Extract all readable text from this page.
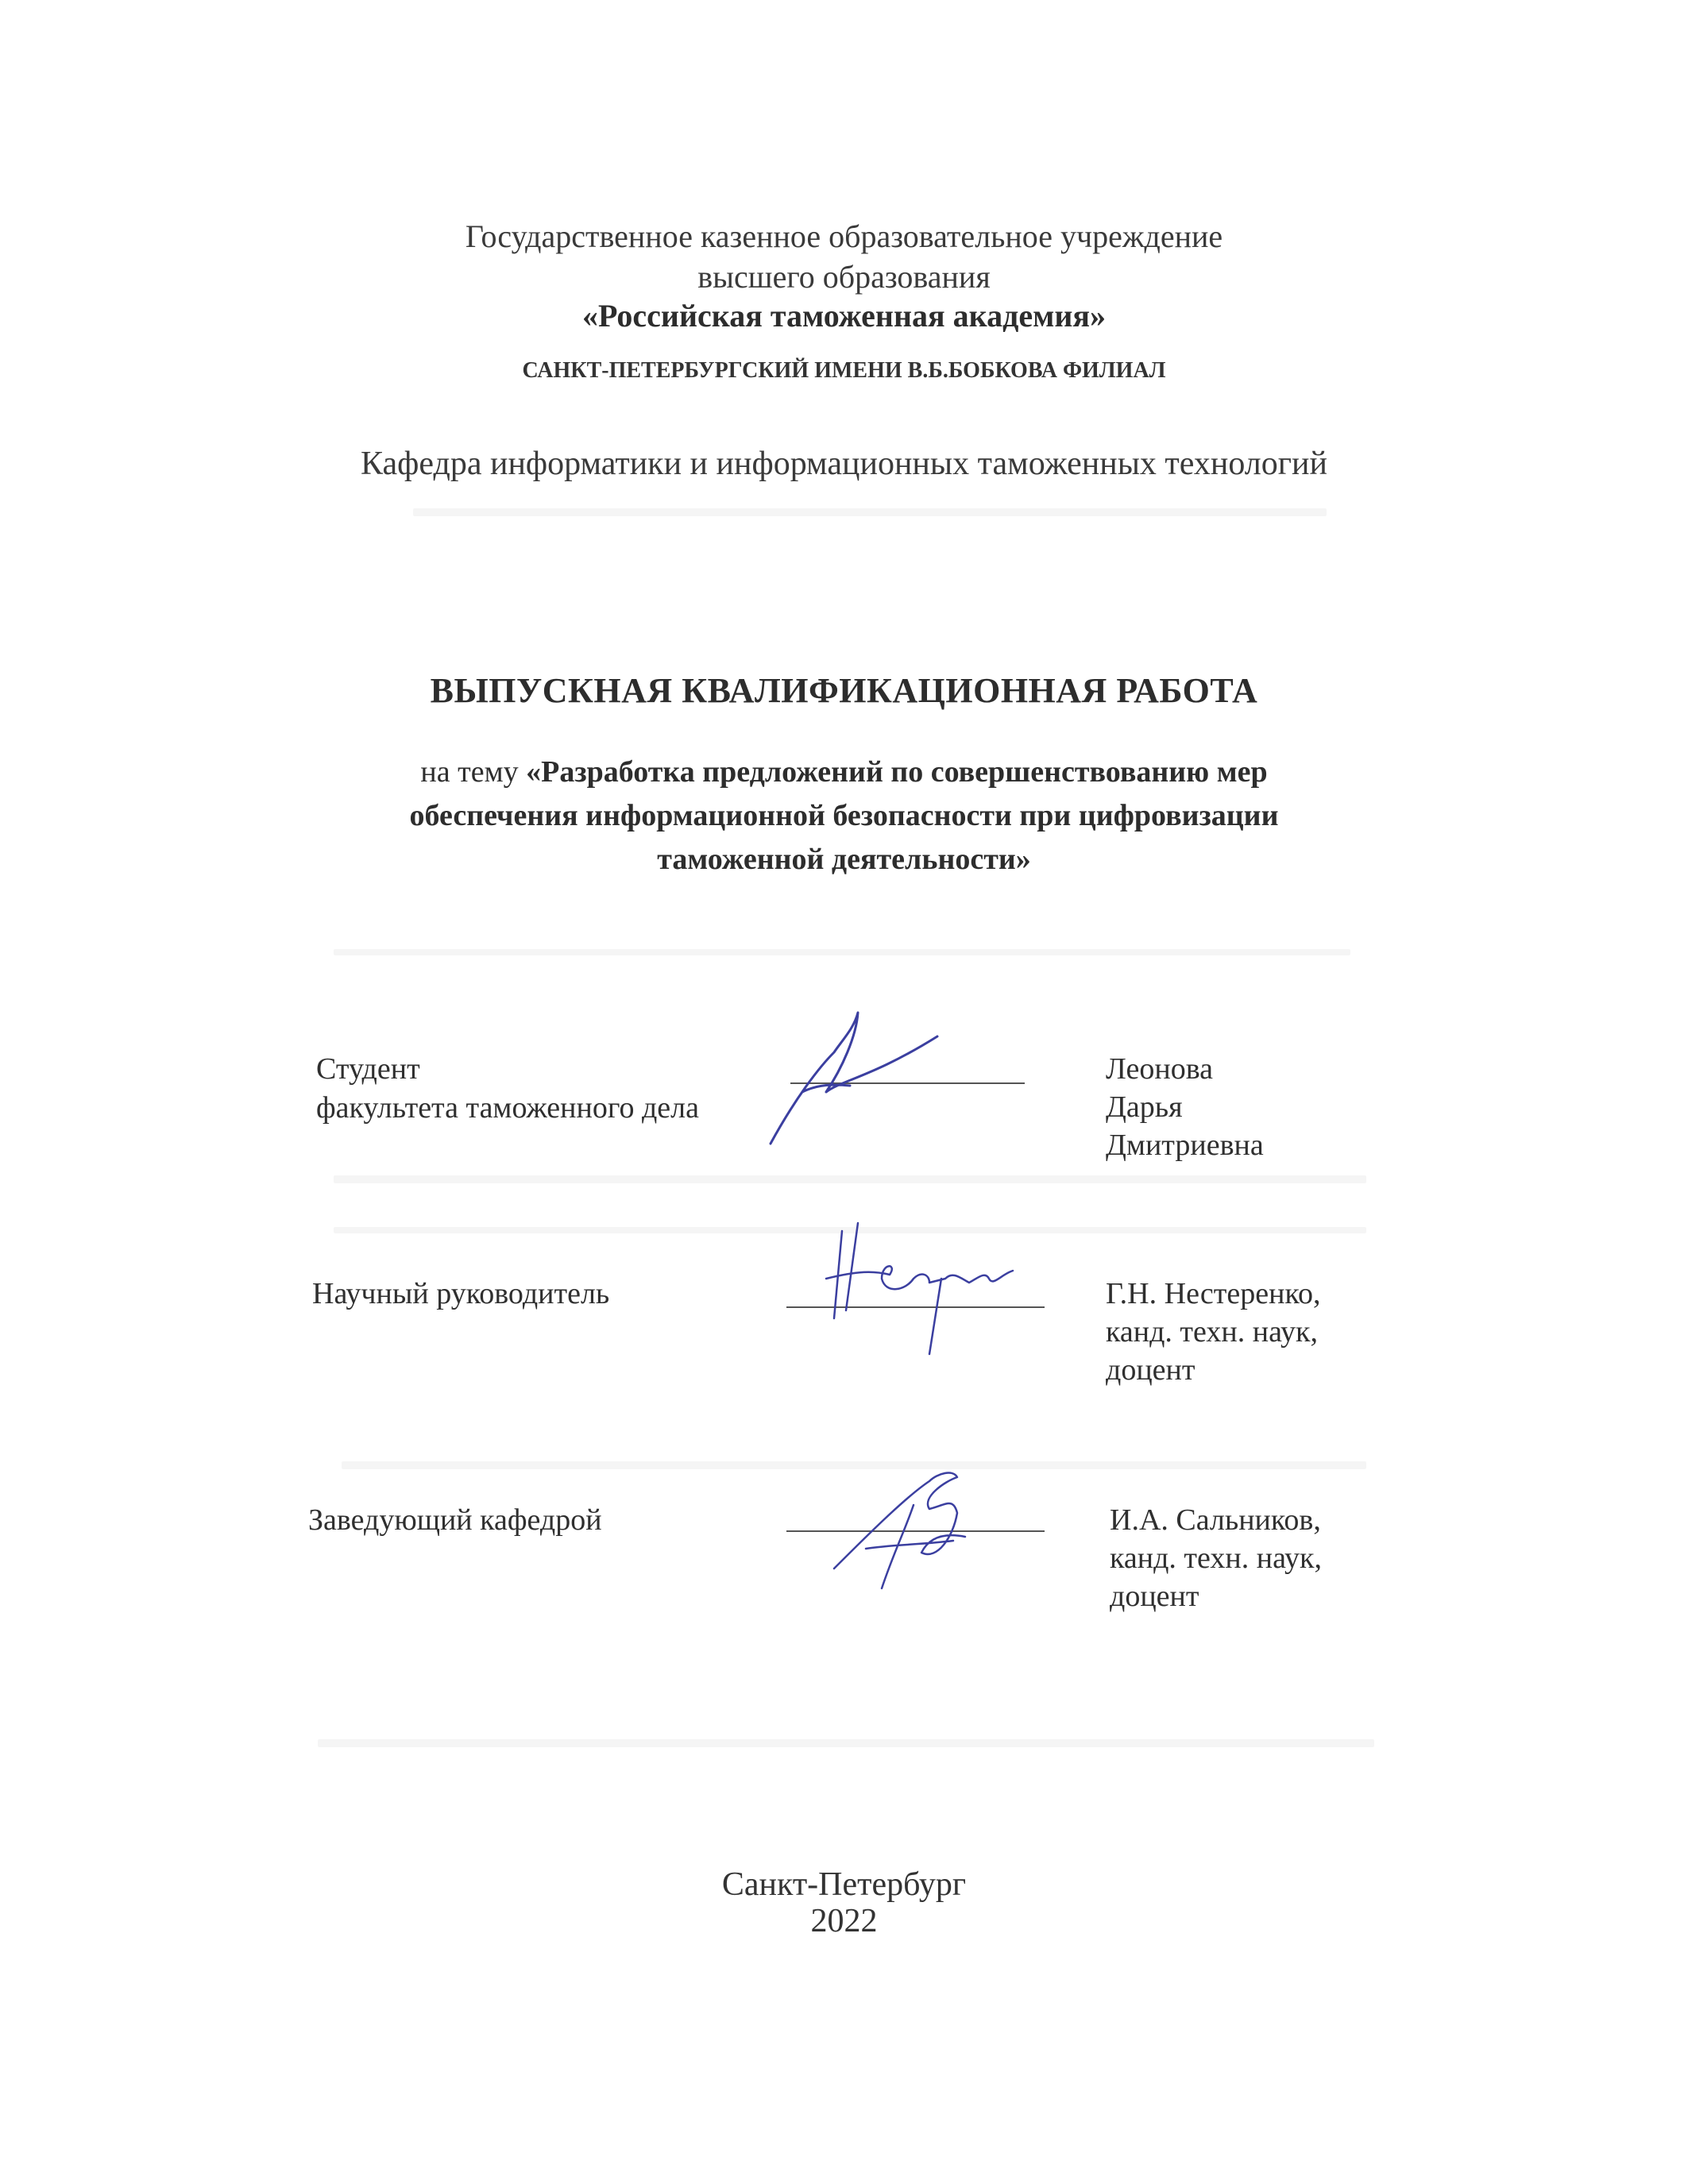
Государственное казенное образовательное учреждение
высшего образования
«Российская таможенная академия»
САНКТ-ПЕТЕРБУРГСКИЙ ИМЕНИ В.Б.БОБКОВА ФИЛИАЛ
Кафедра информатики и информационных таможенных технологий
ВЫПУСКНАЯ КВАЛИФИКАЦИОННАЯ РАБОТА
на тему «Разработка предложений по совершенствованию мер
обеспечения информационной безопасности при цифровизации
таможенной деятельности»
Студент
факультета таможенного дела
Леонова
Дарья
Дмитриевна
Научный руководитель	Г.Н. Нестеренко,
канд. техн. наук,
доцент
Заведующий кафедрой	И.А. Сальников,
канд. техн. наук,
доцент
Санкт-Петербург
2022
